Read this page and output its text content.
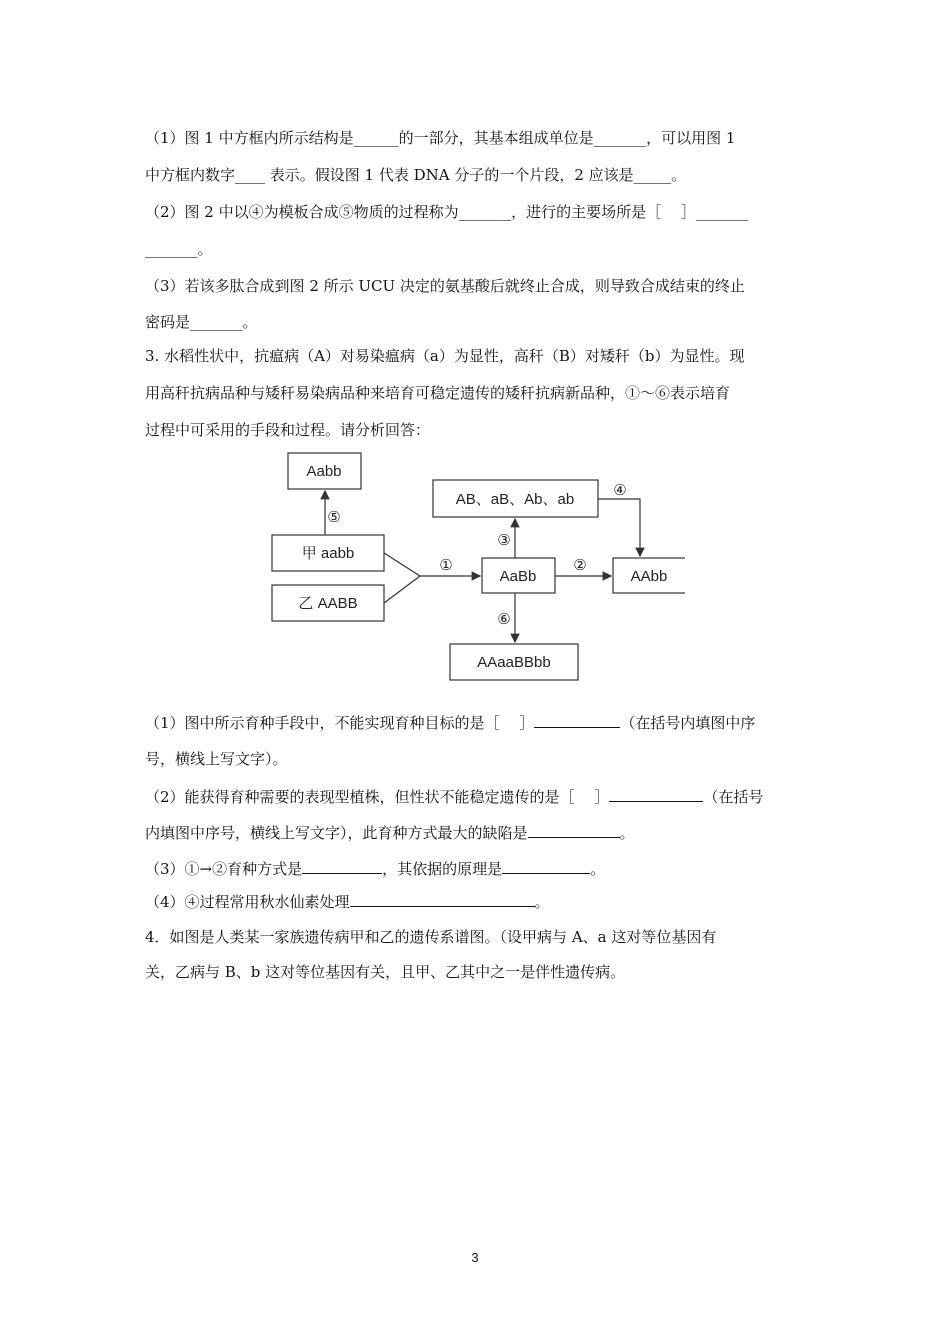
（1）图 1 中方框内所示结构是______的一部分，其基本组成单位是_______，可以用图 1
中方框内数字____ 表示。假设图 1 代表 DNA 分子的一个片段，2 应该是_____。
（2）图 2 中以④为模板合成⑤物质的过程称为_______，进行的主要场所是［　 ］_______
_______。
（3）若该多肽合成到图 2 所示 UCU 决定的氨基酸后就终止合成，则导致合成结束的终止
密码是_______。
3. 水稻性状中，抗瘟病（A）对易染瘟病（a）为显性，高秆（B）对矮秆（b）为显性。现
用高秆抗病品种与矮秆易染病品种来培育可稳定遗传的矮秆抗病新品种，①～⑥表示培育
过程中可采用的手段和过程。请分析回答：
Aabb
甲 aabb
乙 AABB
AB、aB、Ab、ab
AaBb	AAbb
AAaaBBbb
⑤
①
③
②
④
⑥
（1）图中所示育种手段中，不能实现育种目标的是［　 ］	（在括号内填图中序
号，横线上写文字）。
（2）能获得育种需要的表现型植株，但性状不能稳定遗传的是［　 ］	（在括号
内填图中序号，横线上写文字），此育种方式最大的缺陷是	。
（3）①→②育种方式是	，其依据的原理是	。
（4）④过程常用秋水仙素处理	。
4．如图是人类某一家族遗传病甲和乙的遗传系谱图。（设甲病与 A、a 这对等位基因有
关，乙病与 B、b 这对等位基因有关，且甲、乙其中之一是伴性遗传病。
3
